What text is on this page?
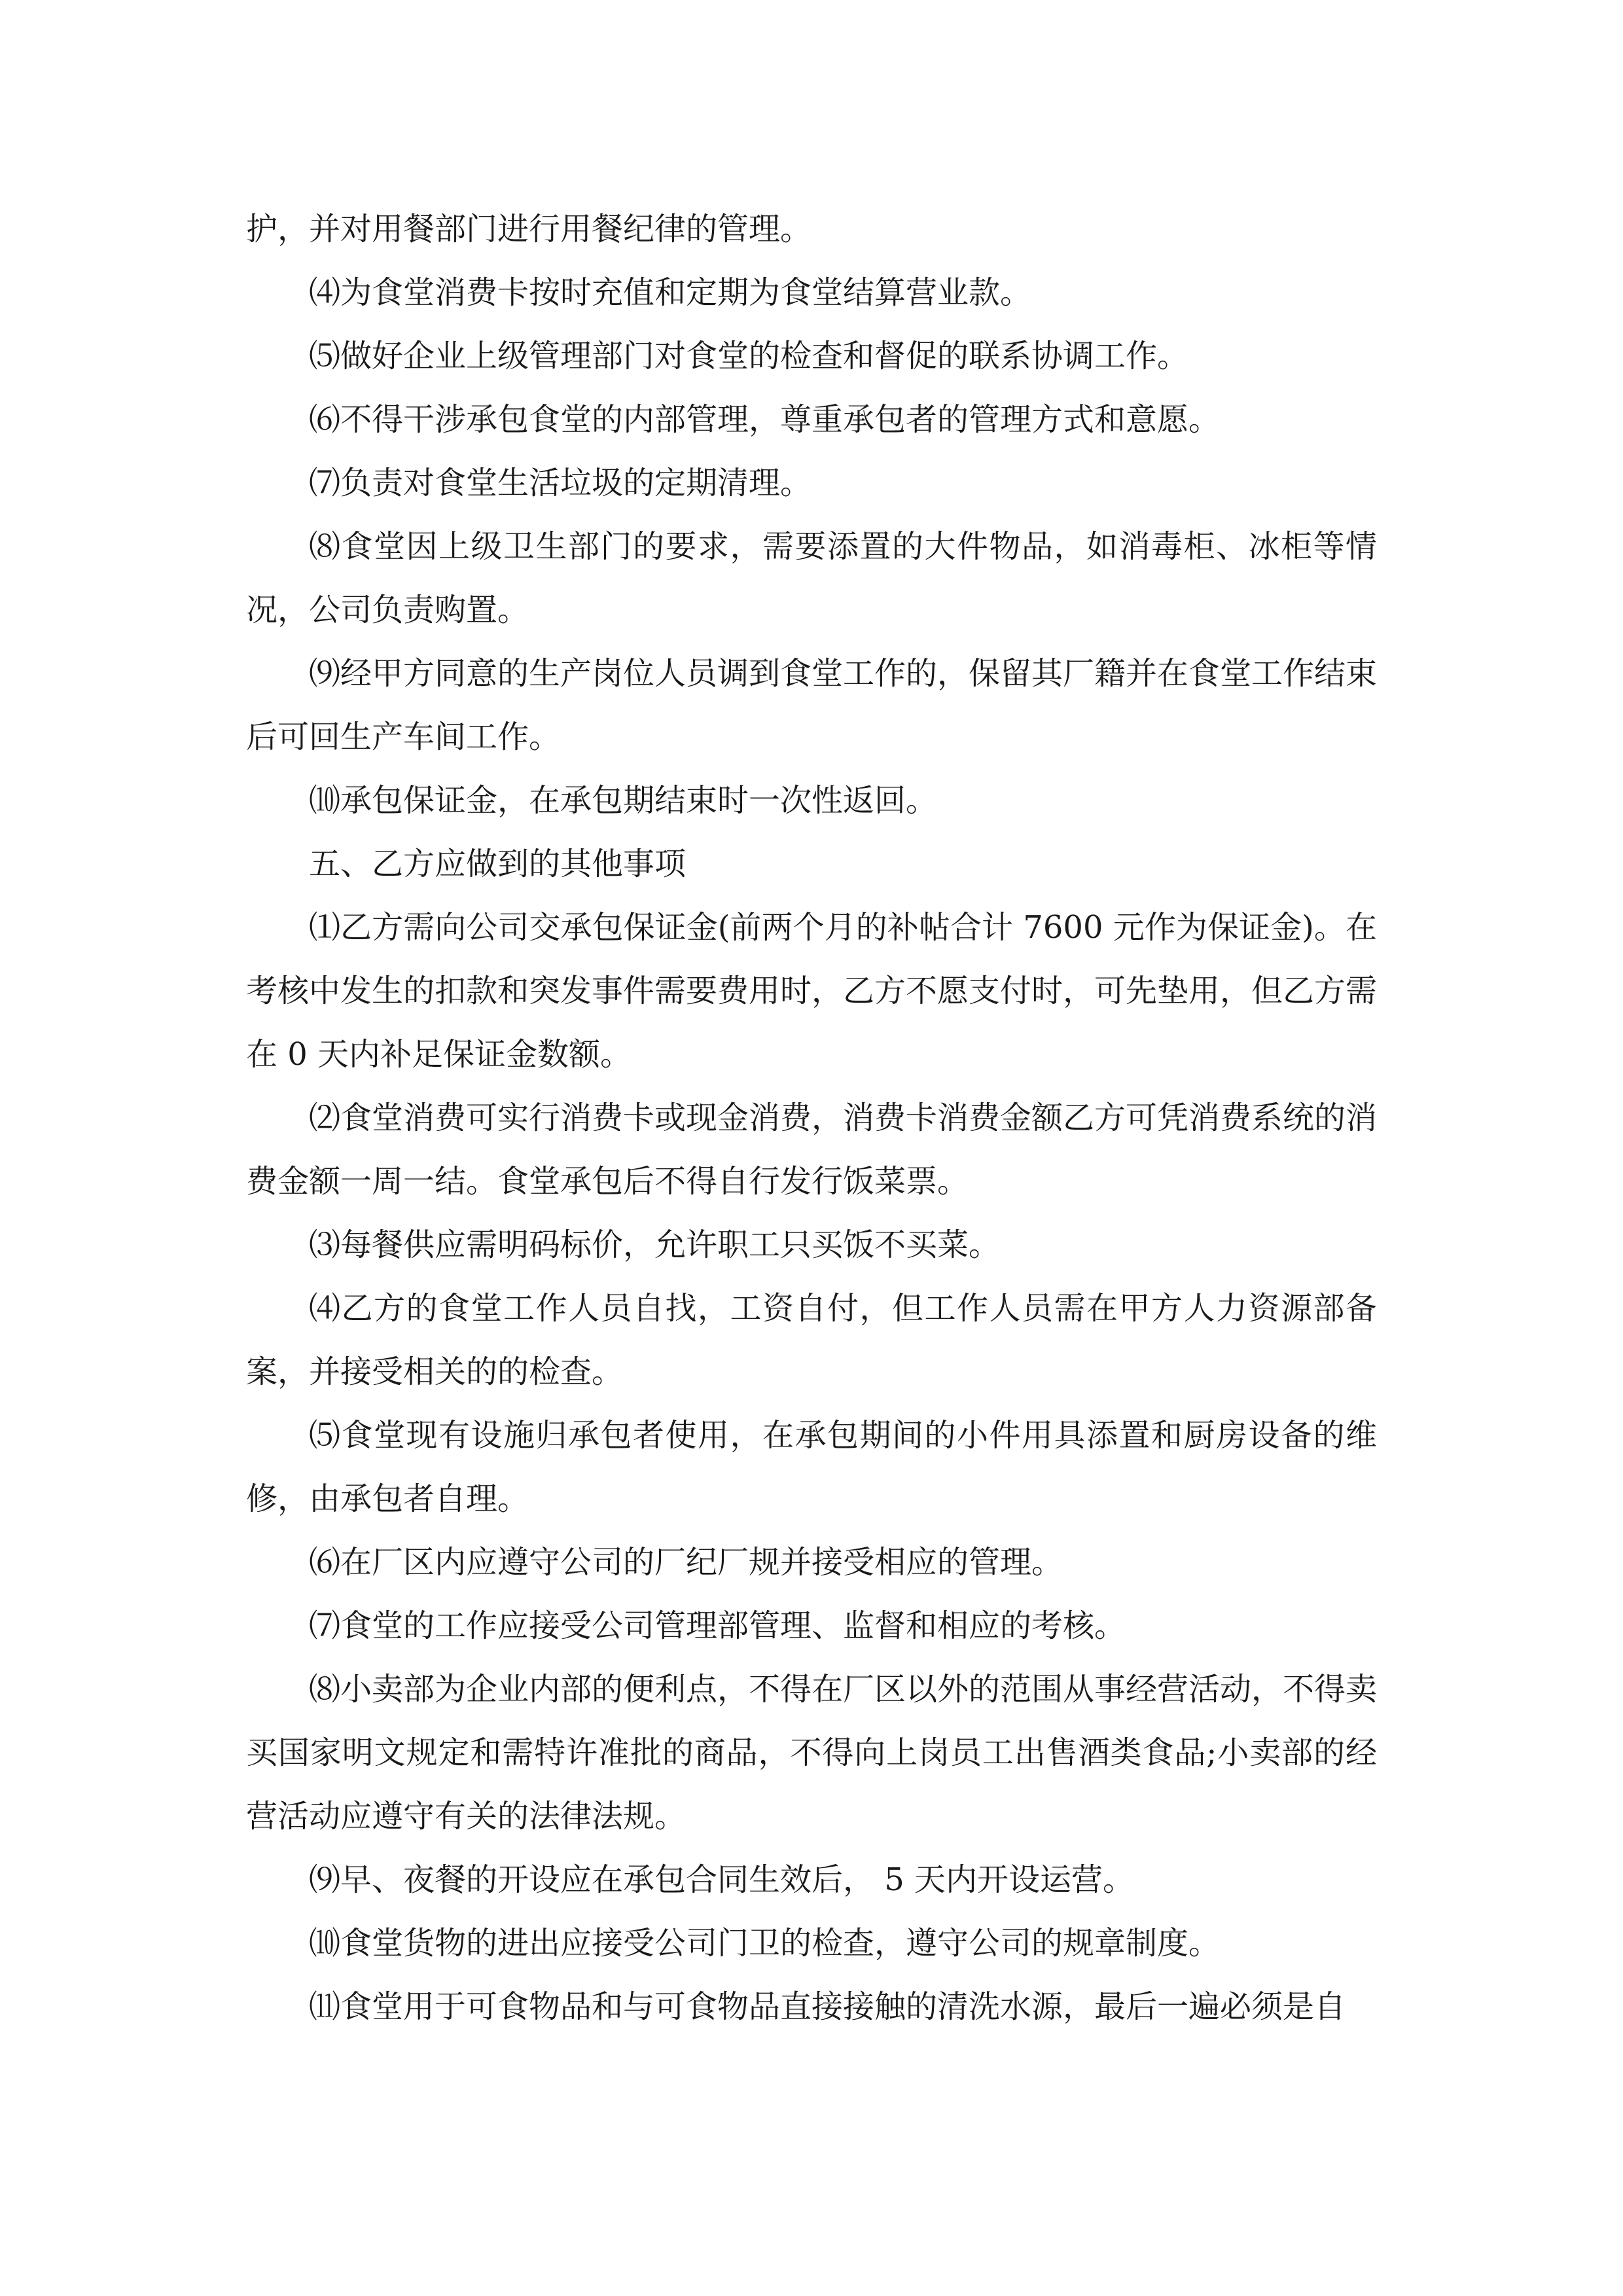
护，并对用餐部门进行用餐纪律的管理。

⑷为食堂消费卡按时充值和定期为食堂结算营业款。

⑸做好企业上级管理部门对食堂的检查和督促的联系协调工作。

⑹不得干涉承包食堂的内部管理，尊重承包者的管理方式和意愿。

⑺负责对食堂生活垃圾的定期清理。

⑻食堂因上级卫生部门的要求，需要添置的大件物品，如消毒柜、冰柜等情况，公司负责购置。

⑼经甲方同意的生产岗位人员调到食堂工作的，保留其厂籍并在食堂工作结束后可回生产车间工作。

⑽承包保证金，在承包期结束时一次性返回。

五、乙方应做到的其他事项

⑴乙方需向公司交承包保证金(前两个月的补帖合计 7600 元作为保证金)。在考核中发生的扣款和突发事件需要费用时，乙方不愿支付时，可先垫用，但乙方需在 0 天内补足保证金数额。

⑵食堂消费可实行消费卡或现金消费，消费卡消费金额乙方可凭消费系统的消费金额一周一结。食堂承包后不得自行发行饭菜票。

⑶每餐供应需明码标价，允许职工只买饭不买菜。

⑷乙方的食堂工作人员自找，工资自付，但工作人员需在甲方人力资源部备案，并接受相关的的检查。

⑸食堂现有设施归承包者使用，在承包期间的小件用具添置和厨房设备的维修，由承包者自理。

⑹在厂区内应遵守公司的厂纪厂规并接受相应的管理。

⑺食堂的工作应接受公司管理部管理、监督和相应的考核。

⑻小卖部为企业内部的便利点，不得在厂区以外的范围从事经营活动，不得卖买国家明文规定和需特许准批的商品，不得向上岗员工出售酒类食品;小卖部的经营活动应遵守有关的法律法规。

⑼早、夜餐的开设应在承包合同生效后， 5 天内开设运营。

⑽食堂货物的进出应接受公司门卫的检查，遵守公司的规章制度。

⑾食堂用于可食物品和与可食物品直接接触的清洗水源，最后一遍必须是自
